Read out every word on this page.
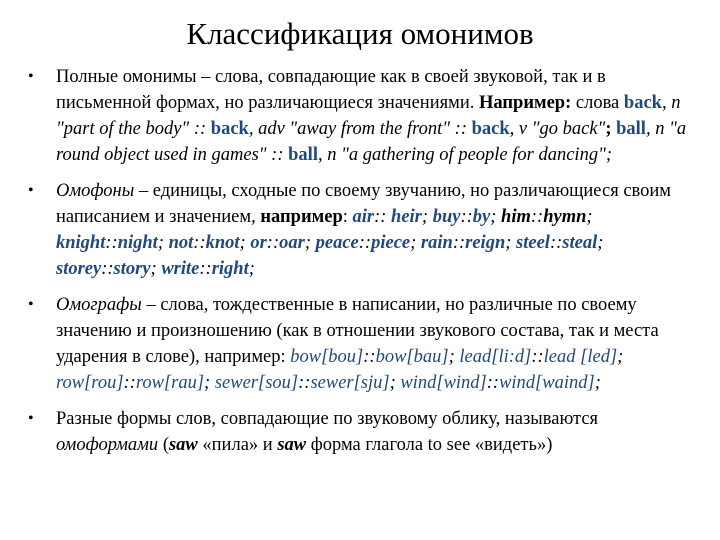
Классификация омонимов
• Полные омонимы – слова, совпадающие как в своей звуковой, так и в письменной формах, но различающиеся значениями. Например: слова back, n "part of the body" :: back, adv "away from the front" :: back, v "go back"; ball, n "a round object used in games" :: ball, n "a gathering of people for dancing";
• Омофоны – единицы, сходные по своему звучанию, но различающиеся своим написанием и значением, например: air:: heir; buy::by; him::hymn; knight::night; not::knot; or::oar; peace::piece; rain::reign; steel::steal; storey::story; write::right;
• Омографы – слова, тождественные в написании, но различные по своему значению и произношению (как в отношении звукового состава, так и места ударения в слове), например: bow[bou]::bow[bau]; lead[li:d]::lead [led]; row[rou]::row[rau]; sewer[sou]::sewer[sju]; wind[wind]::wind[waind];
• Разные формы слов, совпадающие по звуковому облику, называются омоформами (saw «пила» и saw форма глагола to see «видеть»)
